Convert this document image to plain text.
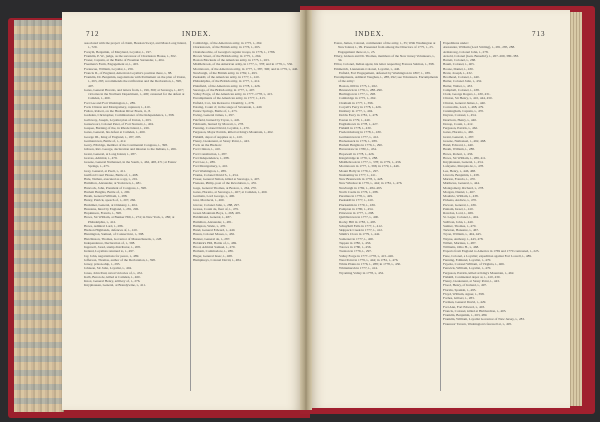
712	INDEX.	INDEX.	713
associated with the project of claim, Hessian Swayl, and Mass Long Island, i., 729.
Forsyth, Benjamin, of Maryland, Loyalist, i., 197.
Franklin, P. W., judge, as the successor of Charleston House, i., 302.
Frazer, Captain, at the Battle of Freeman Surrender, i., 404.
Freeman's Farm, Engagement at, i., 403.
Fortescue, William, Loyalist, i., 256.
Francis II., of England, American Loyalist's position there, i., 88.
Franklin, Dr. Benjamin, negotiations with Parliament on the plan of Union, i., 263, 265; recommends the ratification and the Declaration, i., 398, 407.
Gates, General Horatio, and letters from, i., 196, 360; at Saratoga, i., 407; victories in the Northern Department, i., 400; censured for the defeat at Camden, i., 460.
Fort Lee and Fort Washington, i., 289.
Forts Clinton and Montgomery, captured, i., 410.
Fulton, Robert, on the Hudson River Boats, ii., 8.
Gadsden, Christopher, Commissioner of the Independence, i., 398.
Galloway, Joseph, Loyalist plan of Union, i., 263.
Gansevoort, Colonel Peter, of Fort Stanwix, i., 404.
Gaspee, Burning of the, in Rhode Island, i., 226.
Gates, General, his defeat at Camden, i., 460.
George III., King of England, i., 187, 205.
Germantown, Battle of, i., 412.
Gerry, Elbridge, member of the Continental Congress, i., 398.
Gibson, Rev. George, declaration and mission to the Indians, i., 266.
Grant, General, at Long Island, i., 287.
Graves, Admiral, i., 479.
Greene, General Nathanael, in the South, i., 462, 468, 471; at Eutaw Springs, i., 473.
Grey, General, at Paoli, i., 411.
Guilford Court House, Battle of, i., 468.
Hale, Nathan, executed as a spy, i., 291.
Hamilton, Alexander, at Yorktown, i., 481.
Hancock, John, President of Congress, i., 398.
Harlem Heights, Battle of, i., 290.
Heath, General William, i., 288.
Henry, Patrick, speech of, i., 207, 266.
Herkimer, General, at Oriskany, i., 404.
Hessians, hired by England, i., 281, 296.
Hopkinson, Francis, i., 398.
Howe, Sir William, at Bunker Hill, i., 274; in New York, i., 286; at Philadelphia, i., 412.
Howe, Admiral Lord, i., 286.
Hudson Highlands, defences of, i., 410.
Huntington, Samuel, of Connecticut, i., 398.
Hutchinson, Thomas, Governor of Massachusetts, i., 228.
Independence, Declaration of, i., 398.
Ingersoll, Jared, stamp distributor, i., 208.
Ireland, Loyalists returned to, i., 497.
Jay, John, negotiations for peace, i., 489.
Jefferson, Thomas, author of the Declaration, i., 398.
Jersey, prison-ship, i., 293.
Johnson, Sir John, Loyalist, i., 404.
Jones, John Paul, naval victories of, i., 452.
Kalb, Baron de, killed at Camden, i., 460.
Knox, General Henry, artillery of, i., 276.
Knyphausen, General, at Brandywine, i., 411.
Cambridge, of the American army, in 1775, i., 262.
Charlestown, of the British army, in 1776, i., 265.
Chattahoochie, of Georgia's regular troops, in 1776, i., 1786.
Brown Street, of the British army, in 1775, i., 264.
Boston Blockade of the American army, in 1775, i., 263.
Middlebrook, of the American army, in 1777, i., 378; and in 1779, i., 536.
Morristown, of the American army, in 1777, i., 387, 396; and in 1779, i., 446.
Newburgh, of the British army, in 1782, i., 493.
Peekskill, of the American army, in 1777, i., 410.
Philadelphia, of the British army, in 1777, i., 412.
Plainfield, of the American army, in 1778, i., 426.
Saratoga, of the British army, in 1777, i., 407.
Valley Forge, of the American army, in 1777–1778, i., 415.
Encampments of the American army, in 1777, i., 413.
Enfield, Col., his Retreat to Chambly, i., 278.
Estaing, Count d', in the siege of Savannah, i., 440.
Eutaw Springs, Battle of, i., 473.
Ewing, General James, i., 297.
Fairfield, burned by Tryon, i., 445.
Falmouth, burned by Mowatt, i., 278.
Fanning, Colonel David, Loyalist, i., 470.
Ferguson, Major Patrick, killed at King's Mountain, i., 462.
Fishkill, depot of supplies at, i., 410.
Fleury, Lieutenant, at Stony Point, i., 443.
Forts on the Hudson:
Fort Clinton, i., 410.
Fort Constitution, i., 287.
Fort Independence, i., 288.
Fort Lee, i., 289.
Fort Montgomery, i., 410.
Fort Washington, i., 289.
Franks, Colonel David S., i., 454.
Fraser, General Simon, killed at Saratoga, i., 407.
Freneau, Philip, poet of the Revolution, i., 455.
Gage, General Thomas, at Boston, i., 264, 270.
Gates, Horatio, at Saratoga, i., 407; at Camden, i., 460.
Germain, Lord George, i., 400.
Gist, Mordecai, i., 460.
Glover, Colonel John, i., 288, 297.
Grasse, Count de, fleet of, i., 479.
Green Mountain Boys, i., 268, 405.
Haldimand, General, i., 487.
Hamilton, Alexander, i., 481.
Hampton, Wade, i., 470.
Hand, General Edward, i., 440.
Hazen, Colonel Moses, i., 436.
Heister, General de, i., 287.
Hobkirk's Hill, Battle of, i., 469.
Hood, Admiral Samuel, i., 479.
Hotham, Commodore, i., 286.
Huger, General Isaac, i., 468.
Humphreys, Colonel David, i., 484.
Eaton, James, Colonel, commander of the army, i., 35; With Washington at New Island, i., 99. Presented from among the Directors of 1775, i., 25. Engagement there at, i., 25.
Ellery, Gideon and Dr. Thomas, members of the New Jersey Volunteers, i., 34.
Elliot, Colonel, Indian agent, his letter respecting Frances Salmon, i., 398.
Emmerich, Lieutenant-Colonel, Loyalist, i., 446.
Enfield, Fort Engagement, defeated by Washington in 1867, i., 189.
Encampments, Admiral Vaughan, i., 288, 292; see Volunteers. Encampments of the army:
Boston, 600 in 1775, i., 262.
Brunswick in 1776, i., 288–290.
Burlington in 1777, i., 298.
Cambridge in 1775, i., 262.
Chatham in 1777, i., 396.
Coryell's Ferry in 1778, i., 426.
Danbury in 1777, i., 404.
Dobbs Ferry in 1781, i., 478.
Easton in 1779, i., 440.
Englishtown in 1778, i., 427.
Fishkill in 1778, i., 430.
Fredericksburg in 1778, i., 430.
Germantown in 1777, i., 412.
Hackensack in 1776, i., 289.
Harlem Heights in 1776, i., 290.
Haverstraw in 1780, i., 454.
Hopewell in 1778, i., 426.
Kingsbridge in 1776, i., 288.
Middlebrook in 1777, i., 378; in 1779, i., 436.
Morristown in 1777, i., 396; in 1779, i., 446.
Mount Holly in 1776, i., 297.
Neshaminy in 1777, i., 411.
New Brunswick in 1778, i., 428.
New Windsor in 1779, i., 444; in 1781, i., 476.
Newburgh in 1782, i., 484–493.
North Castle in 1776, i., 288.
Paramus in 1778, i., 429.
Peekskill in 1777, i., 410.
Pluckemin in 1779, i., 436.
Pompton in 1780, i., 454.
Princeton in 1777, i., 298.
Quibbletown in 1777, i., 400.
Rocky Hill in 1783, i., 495.
Schuylkill Falls in 1777, i., 412.
Skippack Creek in 1777, i., 412.
Smith's Clove in 1779, i., 442.
Somerset in 1777, i., 400.
Tappan in 1780, i., 456.
Totowa in 1780, i., 456.
Trenton in 1776, i., 297.
Valley Forge in 1777–1778, i., 415–426.
West Point in 1779, i., 444; in 1781, i., 476.
White Plains in 1776, i., 288; in 1778, i., 430.
Whitemarsh in 1777, i., 414.
Wyoming Valley in 1778, i., 432.
Expeditions under:
Alexander, William (Lord Stirling), i., 281, 285, 288.
Armstrong, Colonel John, i., 278.
Arnold, Colonel (Gen. Benedict), i., 267–269, 380–383.
Barrett, Colonel, i., 268.
Baum, Colonel, i., 405.
Boone, Daniel, i., 430.
Brant, Joseph, i., 432.
Brodhead, Colonel, i., 440.
Butler, Colonel John, i., 432.
Butler, Walter, i., 433.
Campbell, Colonel, i., 438.
Clark, George Rogers, i., 430, 431.
Clinton, Sir Henry, i., 410, 444, 450.
Clinton, General James, i., 440.
Cornwallis, Lord, i., 468, 479.
Cunningham, Captain, i., 470.
Dayton, Colonel, i., 454.
Dearborn, Henry, i., 440.
Donop, Count, i., 412.
Ferguson, Patrick, i., 462.
Gates, Horatio, i., 460.
Grant, General, i., 287.
Greene, Nathanael, i., 462, 468.
Hand, Edward, i., 440.
Heath, William, i., 288.
Howe, Robert, i., 436.
Howe, Sir William, i., 286, 411.
Knyphausen, General, i., 454.
Lafayette, Marquis de, i., 478.
Lee, Henry, i., 446, 468.
Lincoln, Benjamin, i., 438.
Marion, Francis, i., 470.
Matthews, General, i., 444.
Montgomery, Richard, i., 278.
Morgan, Daniel, i., 467.
Moultrie, William, i., 438.
Pickens, Andrew, i., 470.
Prevost, General, i., 436.
Putnam, Israel, i., 410.
Rawdon, Lord, i., 469.
St. Leger, Colonel, i., 404.
Sullivan, John, i., 440.
Sumter, Thomas, i., 470.
Tarleton, Banastre, i., 467.
Tryon, William, i., 404, 445.
Wayne, Anthony, i., 443, 478.
Willett, Marinus, i., 487.
Williams, Otho H., i., 468.
Exports from England to America in 1769 and 1770 contrasted, i., 225.
Fane, Colonel, a Loyalist; expedition against Fort Lowell, i., 489.
Fanning, Edmund, Loyalist, i., 470.
Fayette, Colonel William, of Virginia, i., 466.
Fenwick, William, Loyalist, i., 470.
Ferguson, Patrick, killed at King's Mountain, i., 462.
Fishkill, Continental depot at, i., 410, 430.
Fleury, Lieutenant, at Stony Point, i., 443.
Flood, Henry, of Ireland, i., 497.
Florida, Spanish, i., 495.
Floyd, William, signer, i., 398.
Forbes, Gilbert, i., 283.
Forman, General David, i., 429.
Fort Ann, Fort Edward, i., 403.
Francis, Colonel, killed at Hubbardton, i., 403.
Franklin, Benjamin, i., 263, 489.
Franklin, William, Loyalist Governor of New Jersey, i., 283.
Fraunces' Tavern, Washington's farewell at, i., 495.
